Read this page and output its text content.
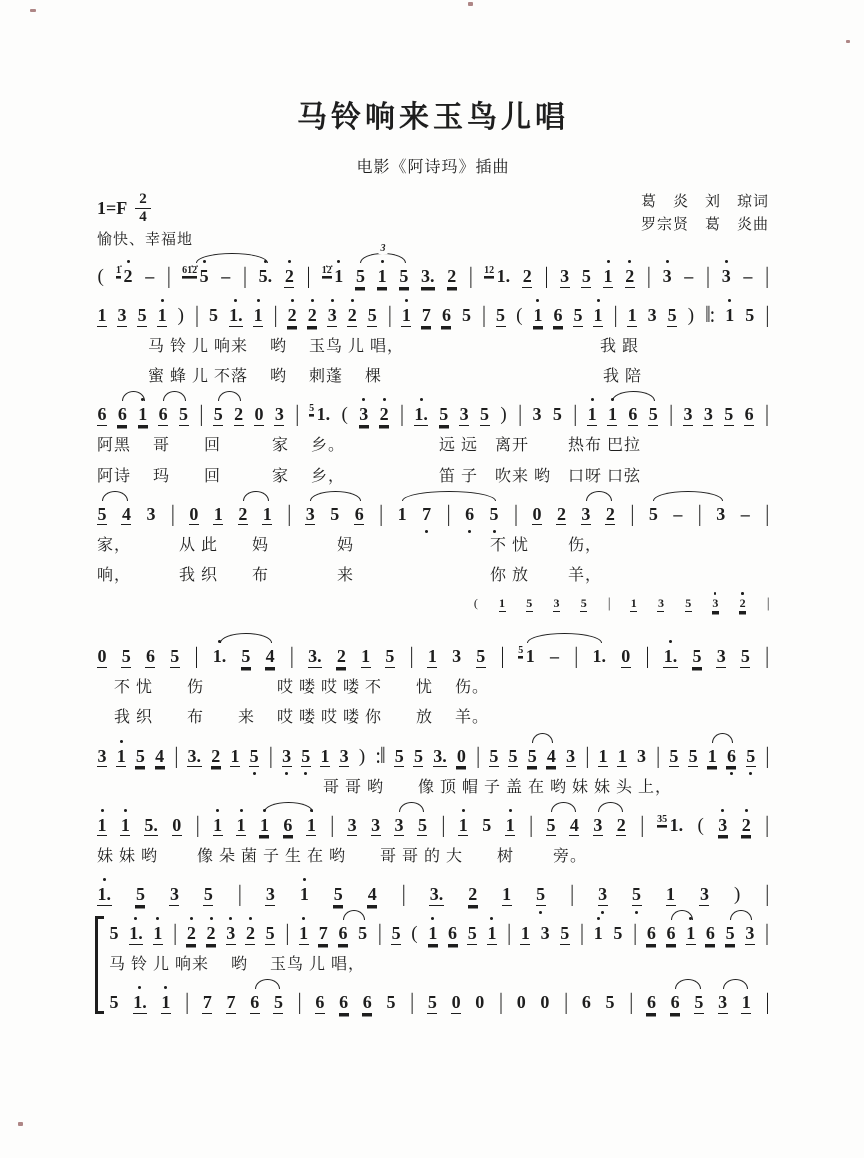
马铃响来玉鸟儿唱
电影《阿诗玛》插曲
1=F 2
4
愉快、幸福地
葛　炎　刘　琼词
罗宗贤　葛　炎曲
( $^{1̇}$ 2 – | $^{61̇2̇}$ 5 – | 5. 2 | $^{1̇2̇}$ 1 5 1 5 3. 2 | $^{12}$ 1. 2 | 3 5 1 2 | 3 – | 3 – |
3
1 3 5 1 ) | 5 1. 1 | 2 2 3 2 5 | 1 7 6 5 | 5 ( 1 6 5 1 | 1 3 5 ) ‖: 1 5 |
　　　马 铃 儿 响来　 哟　 玉鸟 儿 唱，　　　　　　　　　　　　我 跟
　　　蜜 蜂 儿 不落　 哟　 刺蓬　 棵　　　　　　　　　　　　　我 陪
6 6 1 6 5 | 5 2 0 3 | $^5$ 1. ( 3 2 | 1. 5 3 5 ) | 3 5 | 1 1 6 5 | 3 3 5 6 |
阿黑　 哥　　回　　　家　 乡。　　　　　　远 远　离开　　 热布 巴拉
阿诗　 玛　　回　　　家　 乡，　　　　　　笛 子　吹来 哟　口呀 口弦
5 4 3 | 0 1 2 1 | 3 5 6 | 1 7 | 6 5 | 0 2 3 2 | 5 – | 3 – |
家，　　　 从 此　　妈　　　　妈　　　　　　　　不 忧　　 伤，
响，　　　 我 织　　布　　　　来　　　　　　　　你 放　　 羊，
( 1 5 3 5 | 1 3 5 3 2 |
0 5 6 5 | 1. 5 4 | 3. 2 1 5 | 1 3 5 | $^5$ 1 – | 1. 0 | 1. 5 3 5 |
　不 忧　　伤　　　　 哎 喽 哎 喽 不　　忧　 伤。
　我 织　　布　　来　 哎 喽 哎 喽 你　　放　 羊。
3 1 5 4 | 3. 2 1 5 | 3 5 1 3 ) :‖ 5 5 3. 0 | 5 5 5 4 3 | 1 1 3 | 5 5 1 6 5 |
　　　　　　　　　　　　　 哥 哥 哟　　像 顶 帽 子 盖 在 哟 妹 妹 头 上，
1 1 5. 0 | 1 1 1 6 1 | 3 3 3 5 | 1 5 1 | 5 4 3 2 | $^{35}$ 1. ( 3 2 |
妹 妹 哟　　 像 朵 菌 子 生 在 哟　　哥 哥 的 大　　树　　 旁。
1. 5 3 5 | 3 1 5 4 | 3. 2 1 5 | 3 5 1 3 ) |
5 1. 1 | 2 2 3 2 5 | 1 7 6 5 | 5 ( 1 6 5 1 | 1 3 5 | 1 5 | 6 6 1 6 5 3 |
马 铃 儿 响来　 哟　 玉鸟 儿 唱，
5 1. 1 | 7 7 6 5 | 6 6 6 5 | 5 0 0 | 0 0 | 6 5 | 6 6 5 3 1 |
